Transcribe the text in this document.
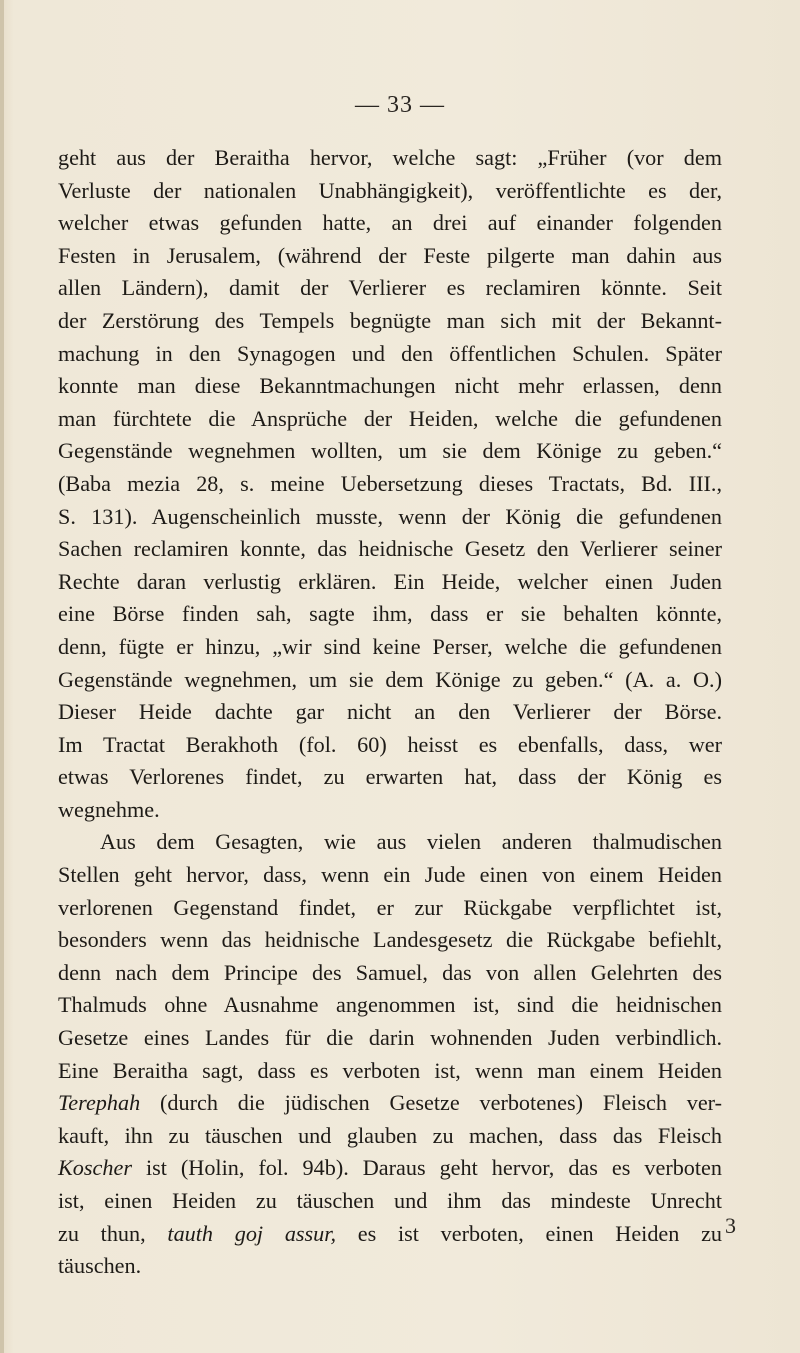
— 33 —
geht aus der Beraitha hervor, welche sagt: „Früher (vor dem
Verluste der nationalen Unabhängigkeit), veröffentlichte es der,
welcher etwas gefunden hatte, an drei auf einander folgenden
Festen in Jerusalem, (während der Feste pilgerte man dahin aus
allen Ländern), damit der Verlierer es reclamiren könnte. Seit
der Zerstörung des Tempels begnügte man sich mit der Bekannt-
machung in den Synagogen und den öffentlichen Schulen. Später
konnte man diese Bekanntmachungen nicht mehr erlassen, denn
man fürchtete die Ansprüche der Heiden, welche die gefundenen
Gegenstände wegnehmen wollten, um sie dem Könige zu geben.“
(Baba mezia 28, s. meine Uebersetzung dieses Tractats, Bd. III.,
S. 131). Augenscheinlich musste, wenn der König die gefundenen
Sachen reclamiren konnte, das heidnische Gesetz den Verlierer seiner
Rechte daran verlustig erklären. Ein Heide, welcher einen Juden
eine Börse finden sah, sagte ihm, dass er sie behalten könnte,
denn, fügte er hinzu, „wir sind keine Perser, welche die gefundenen
Gegenstände wegnehmen, um sie dem Könige zu geben.“ (A. a. O.)
Dieser Heide dachte gar nicht an den Verlierer der Börse.
Im Tractat Berakhoth (fol. 60) heisst es ebenfalls, dass, wer
etwas Verlorenes findet, zu erwarten hat, dass der König es
wegnehme.
Aus dem Gesagten, wie aus vielen anderen thalmudischen
Stellen geht hervor, dass, wenn ein Jude einen von einem Heiden
verlorenen Gegenstand findet, er zur Rückgabe verpflichtet ist,
besonders wenn das heidnische Landesgesetz die Rückgabe befiehlt,
denn nach dem Principe des Samuel, das von allen Gelehrten des
Thalmuds ohne Ausnahme angenommen ist, sind die heidnischen
Gesetze eines Landes für die darin wohnenden Juden verbindlich.
Eine Beraitha sagt, dass es verboten ist, wenn man einem Heiden
Terephah (durch die jüdischen Gesetze verbotenes) Fleisch ver-
kauft, ihn zu täuschen und glauben zu machen, dass das Fleisch
Koscher ist (Holin, fol. 94b). Daraus geht hervor, das es verboten
ist, einen Heiden zu täuschen und ihm das mindeste Unrecht
zu thun, tauth goj assur, es ist verboten, einen Heiden zu
täuschen.
3
